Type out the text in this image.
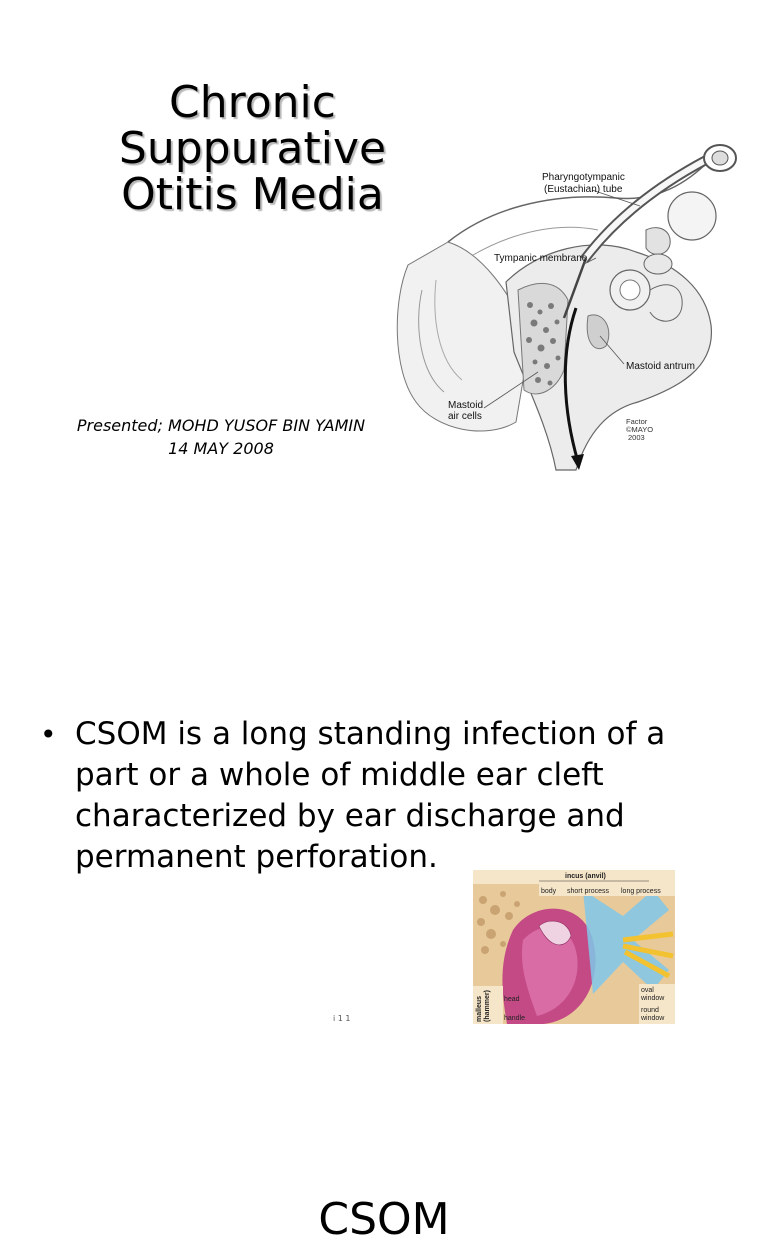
Chronic
Suppurative
Otitis Media
Presented; MOHD YUSOF BIN YAMIN
14 MAY 2008
Pharyngotympanic
(Eustachian) tube
Tympanic membrane
Mastoid antrum
Mastoid
air cells	Factor
©MAYO
2003
CSOM
• CSOM is a long standing infection of a part or a whole of middle ear cleft characterized by ear discharge and permanent perforation.
incus (anvil)
body short process long process
malleus (hammer) head
handle
oval
window
round
window
i 1 1
